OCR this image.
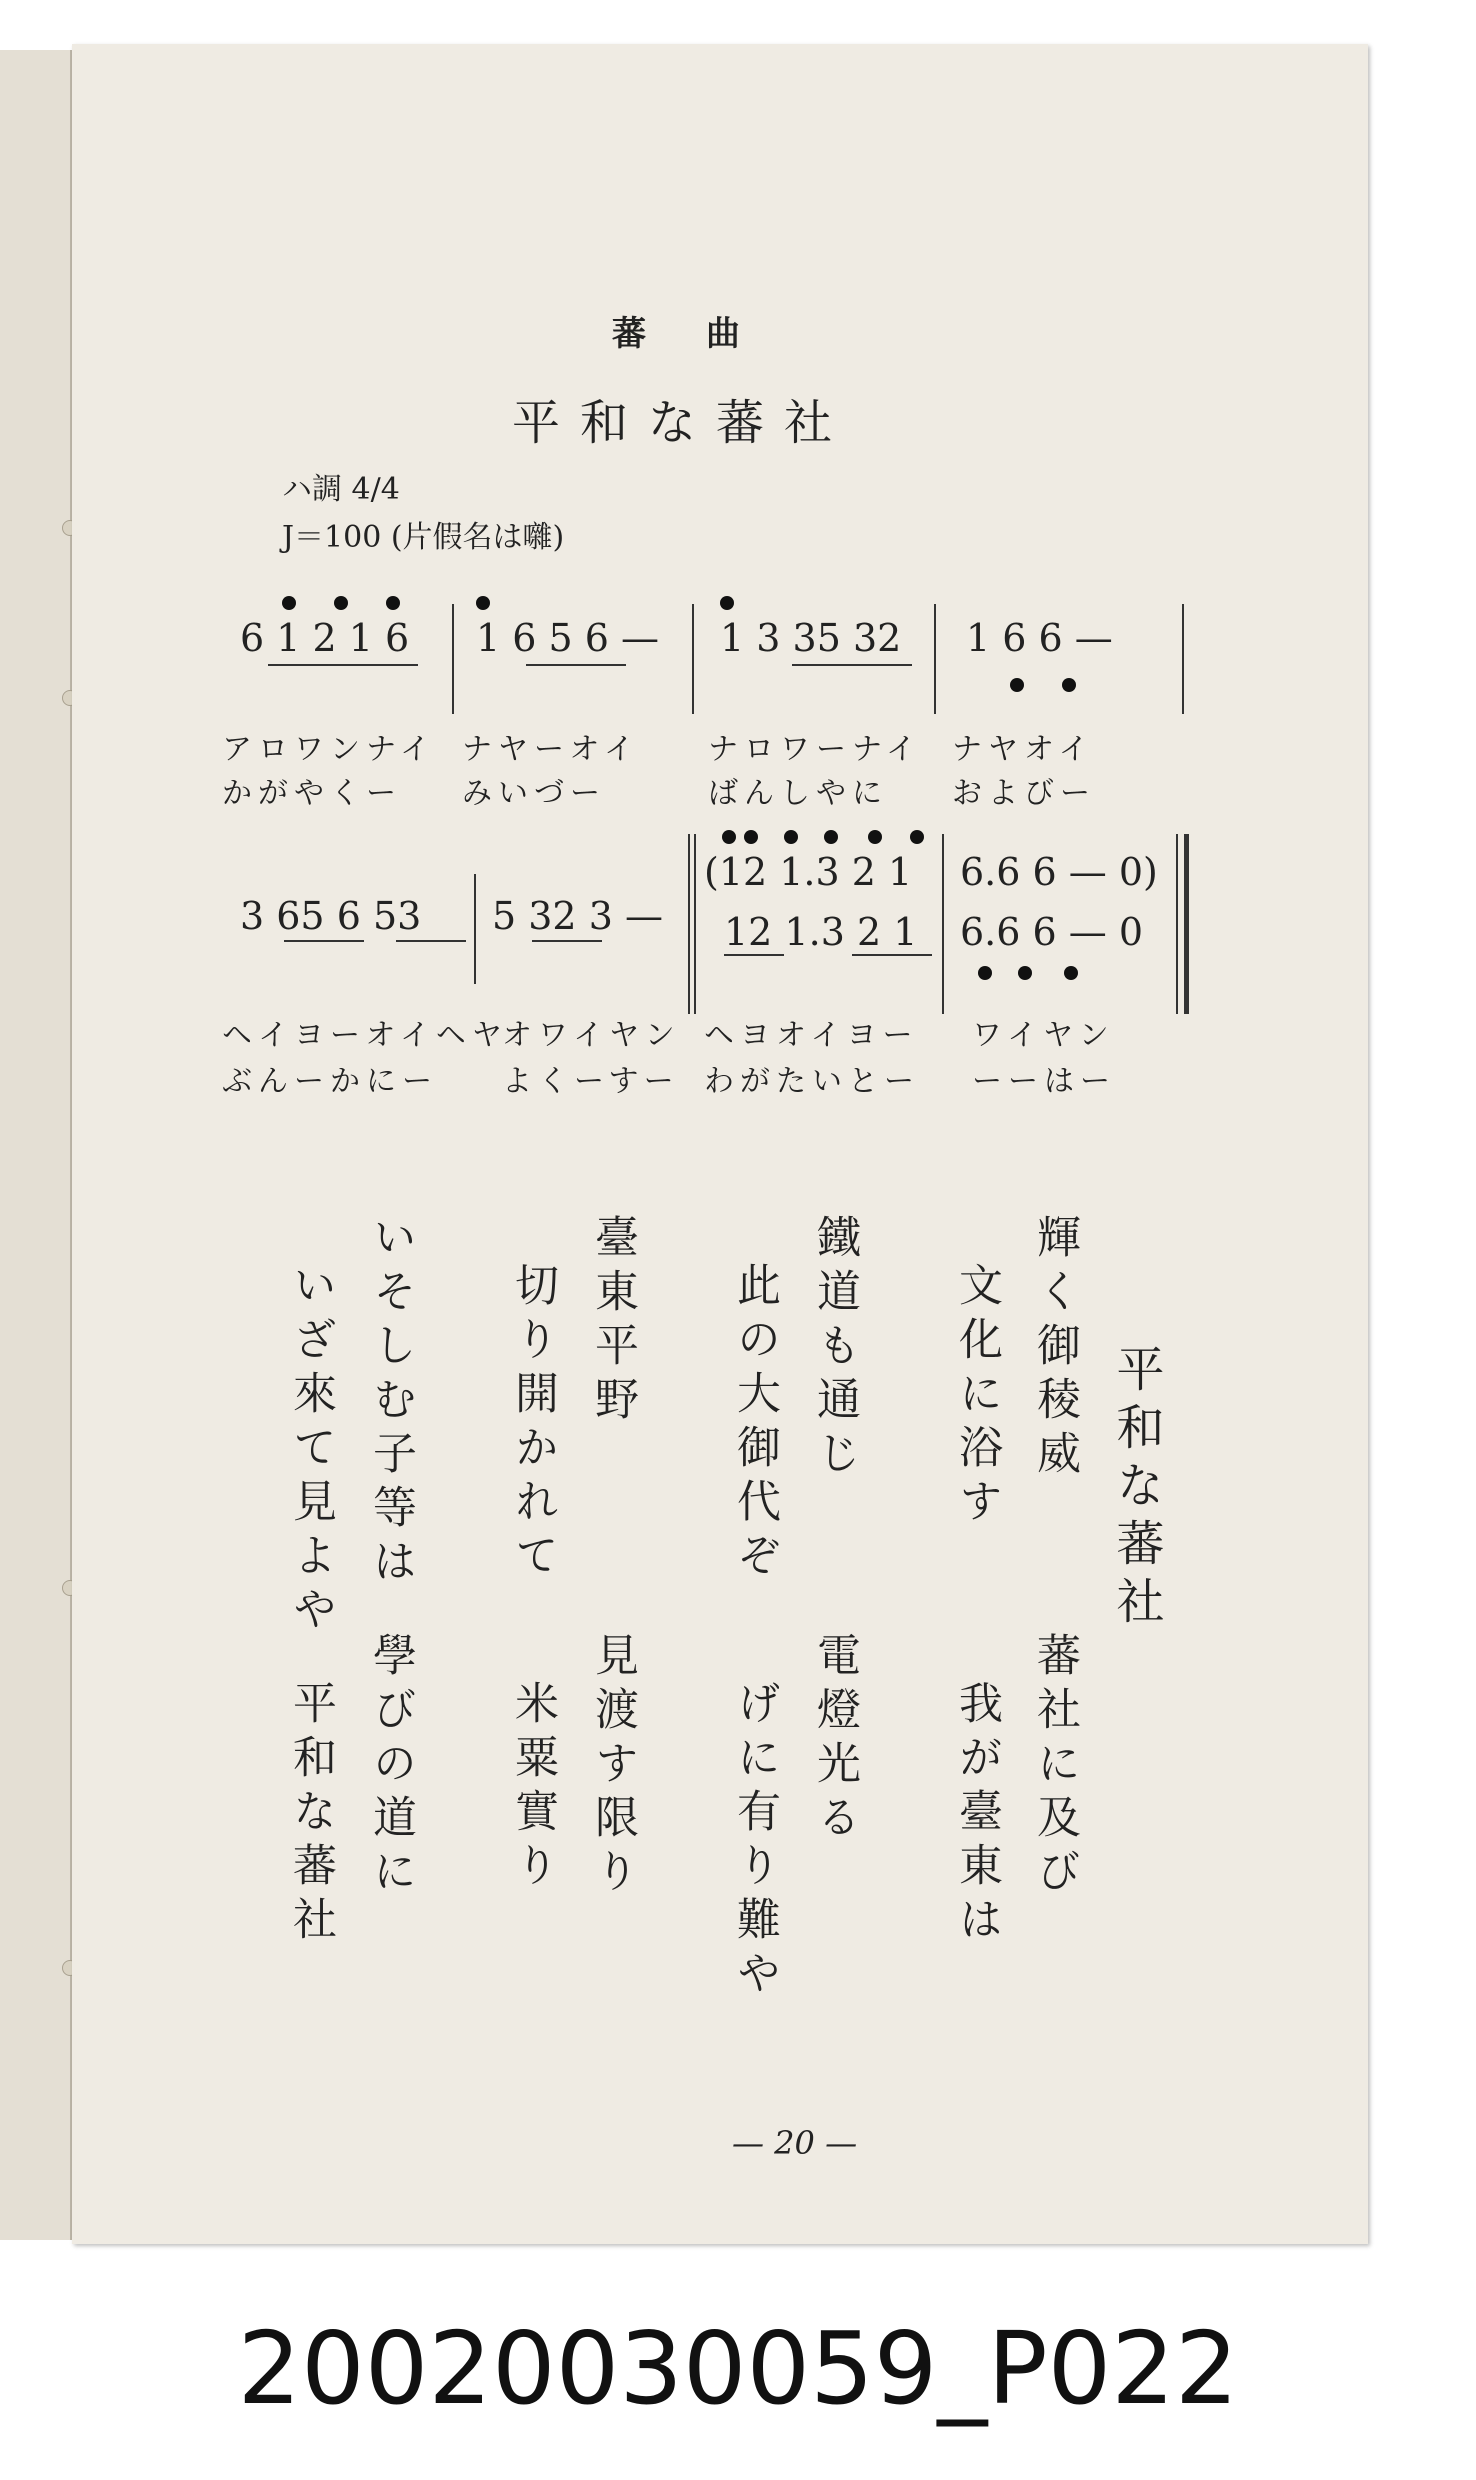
蕃曲
平和な蕃社
ハ調 4/4
J＝100 (片假名は囃)
6 1 2 1 6 1 6 5 6 — 1 3 35 32 1 6 6 —
アロワンナイ ナヤーオイ ナロワーナイ ナヤオイ
かがやくー みいづー	ばんしやに およびー
3 65 6 53 5 32 3 —
(12 1.3 2 1
12 1.3 2 1
6.6 6 — 0)
6.6 6 — 0
ヘイヨーオイヘヤ
オワイヤン ヘヨオイヨー ワイヤン
ぶんーかにー よくーすー わがたいとー ーーはー
平和な蕃社
輝く御稜威
文化に浴す
鐵道も通じ
此の大御代ぞ
臺東平野
切り開かれて
いそしむ子等は
いざ來て見よや
蕃社に及び
我が臺東は
電燈光る
げに有り難や
見渡す限り
米粟實り
學びの道に
平和な蕃社
— 20 —
20020030059_P022
